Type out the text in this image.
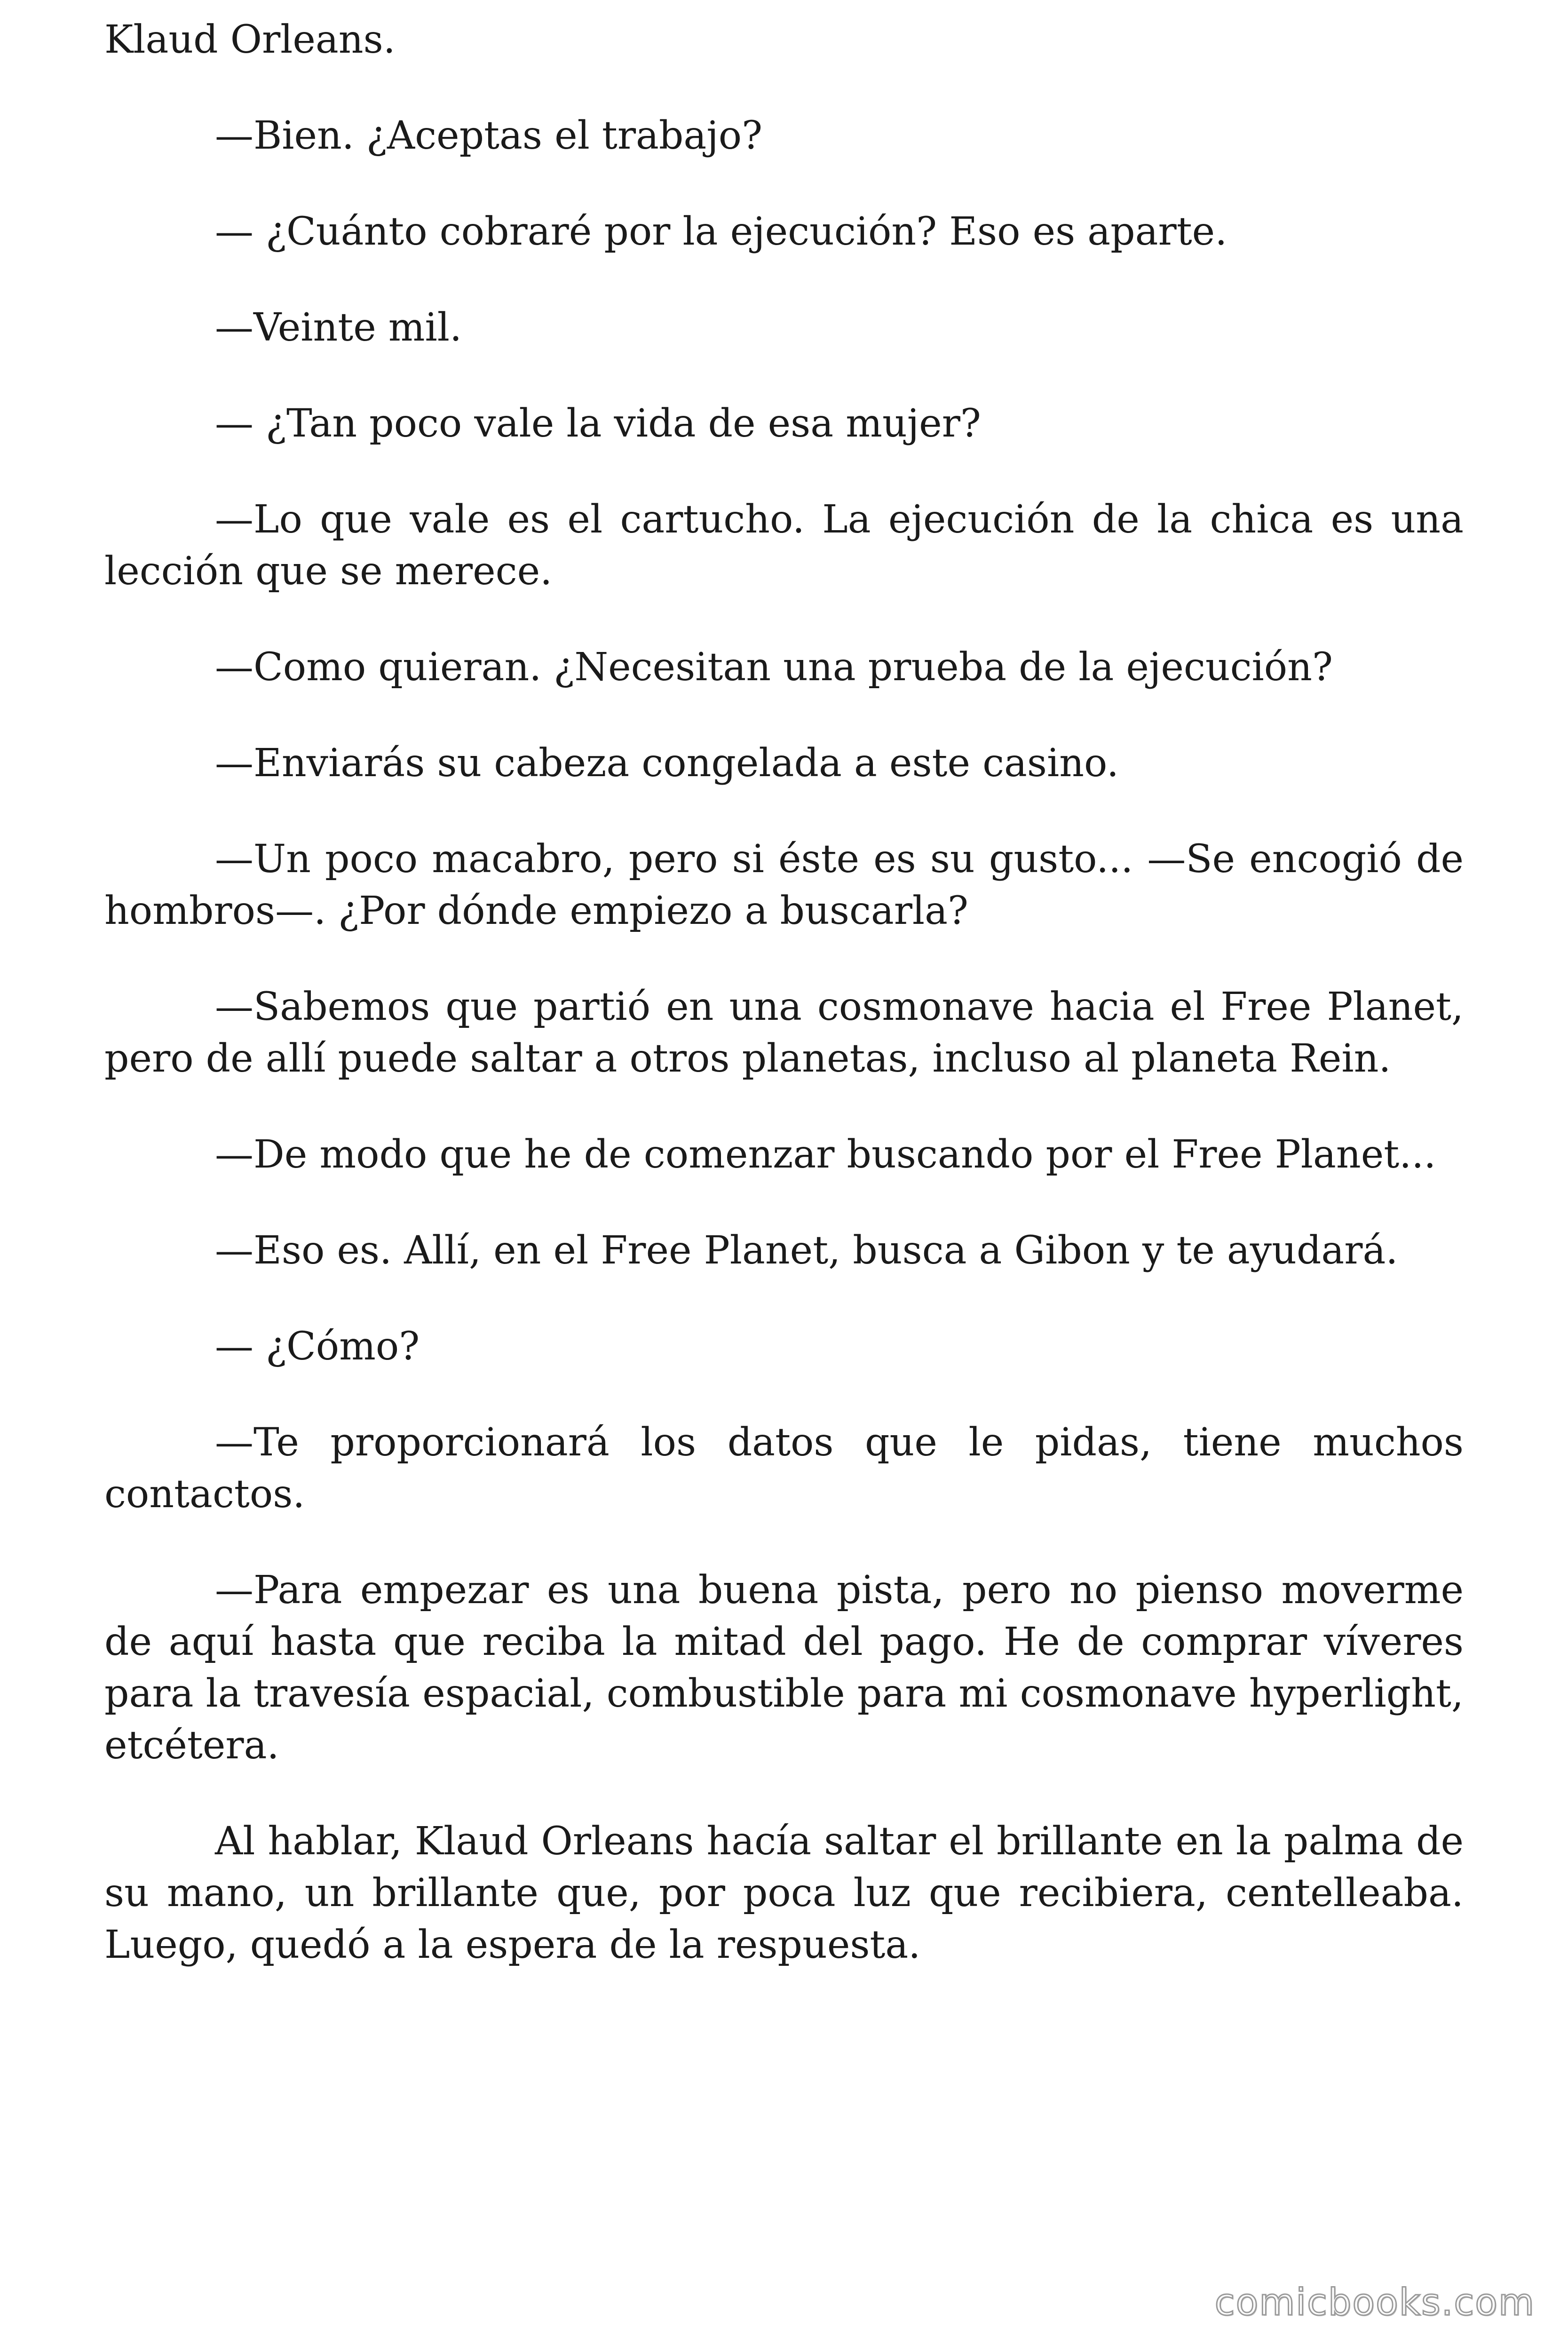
Klaud Orleans.

—Bien. ¿Aceptas el trabajo?

— ¿Cuánto cobraré por la ejecución? Eso es aparte.

—Veinte mil.

— ¿Tan poco vale la vida de esa mujer?

—Lo que vale es el cartucho. La ejecución de la chica es una lección que se merece.

—Como quieran. ¿Necesitan una prueba de la ejecución?

—Enviarás su cabeza congelada a este casino.

—Un poco macabro, pero si éste es su gusto... —Se encogió de hombros—. ¿Por dónde empiezo a buscarla?

—Sabemos que partió en una cosmonave hacia el Free Planet, pero de allí puede saltar a otros planetas, incluso al planeta Rein.

—De modo que he de comenzar buscando por el Free Planet...

—Eso es. Allí, en el Free Planet, busca a Gibon y te ayudará.

— ¿Cómo?

—Te proporcionará los datos que le pidas, tiene muchos contactos.

—Para empezar es una buena pista, pero no pienso moverme de aquí hasta que reciba la mitad del pago. He de comprar víveres para la travesía espacial, combustible para mi cosmonave hyperlight, etcétera.

Al hablar, Klaud Orleans hacía saltar el brillante en la palma de su mano, un brillante que, por poca luz que recibiera, centelleaba. Luego, quedó a la espera de la respuesta.

comicbooks.com
